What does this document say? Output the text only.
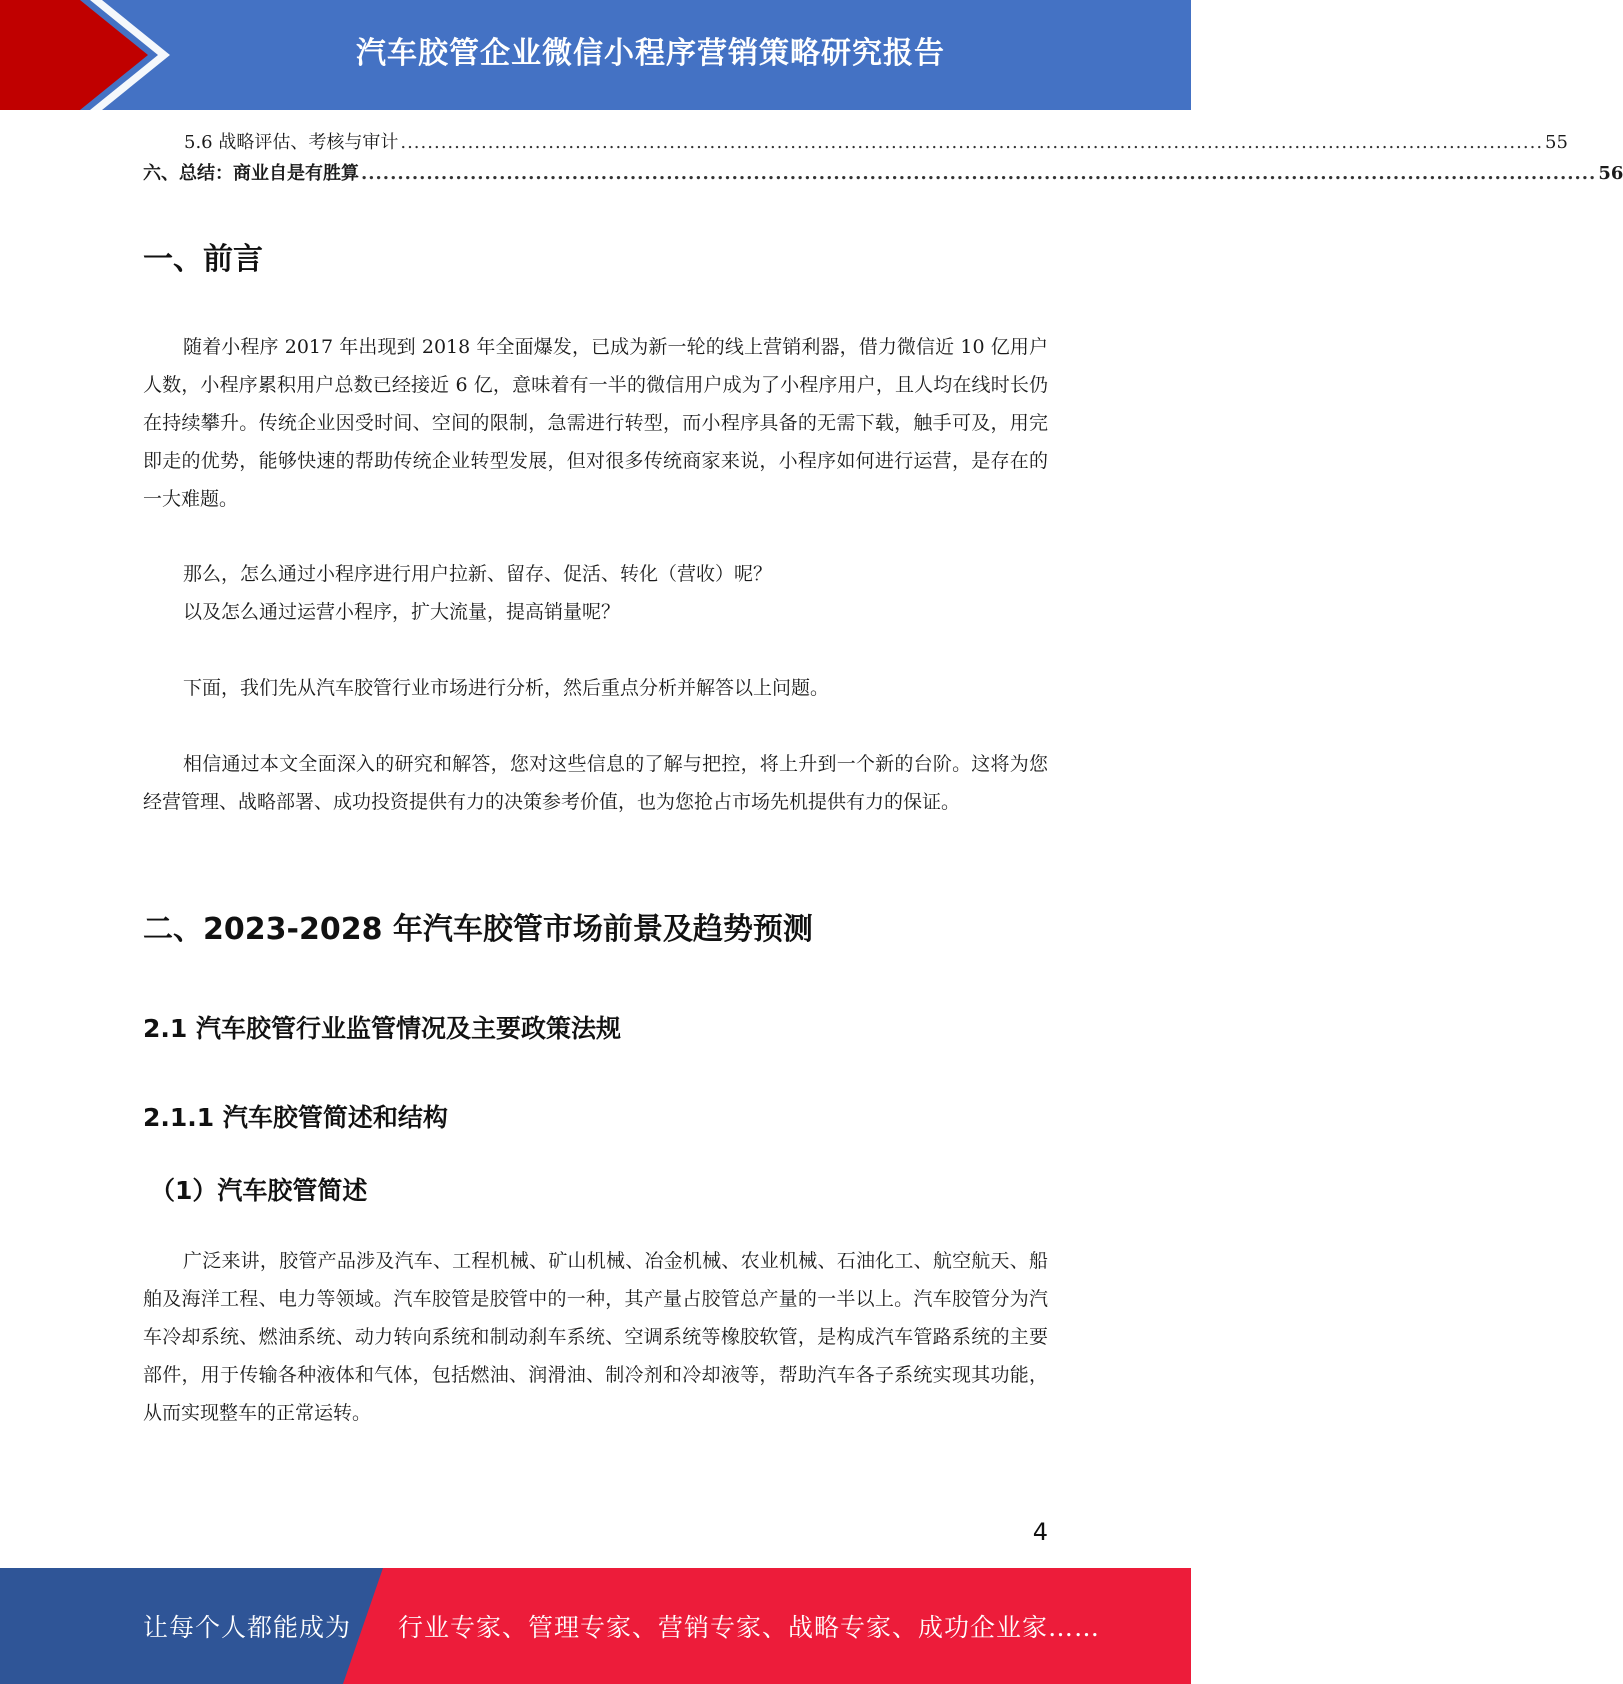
汽车胶管企业微信小程序营销策略研究报告
5.6 战略评估、考核与审计 .......................................................................................................................................................................... 55
六、总结：商业自是有胜算 .......................................................................................................................................................................... 56
一、前言

随着小程序 2017 年出现到 2018 年全面爆发，已成为新一轮的线上营销利器，借力微信近 10 亿用户人数，小程序累积用户总数已经接近 6 亿，意味着有一半的微信用户成为了小程序用户，且人均在线时长仍在持续攀升。传统企业因受时间、空间的限制，急需进行转型，而小程序具备的无需下载，触手可及，用完即走的优势，能够快速的帮助传统企业转型发展，但对很多传统商家来说，小程序如何进行运营，是存在的一大难题。

那么，怎么通过小程序进行用户拉新、留存、促活、转化（营收）呢？

以及怎么通过运营小程序，扩大流量，提高销量呢？

下面，我们先从汽车胶管行业市场进行分析，然后重点分析并解答以上问题。

相信通过本文全面深入的研究和解答，您对这些信息的了解与把控，将上升到一个新的台阶。这将为您经营管理、战略部署、成功投资提供有力的决策参考价值，也为您抢占市场先机提供有力的保证。

二、2023-2028 年汽车胶管市场前景及趋势预测
2.1 汽车胶管行业监管情况及主要政策法规
2.1.1 汽车胶管简述和结构
（1）汽车胶管简述

广泛来讲，胶管产品涉及汽车、工程机械、矿山机械、冶金机械、农业机械、石油化工、航空航天、船舶及海洋工程、电力等领域。汽车胶管是胶管中的一种，其产量占胶管总产量的一半以上。汽车胶管分为汽车冷却系统、燃油系统、动力转向系统和制动刹车系统、空调系统等橡胶软管，是构成汽车管路系统的主要部件，用于传输各种液体和气体，包括燃油、润滑油、制冷剂和冷却液等，帮助汽车各子系统实现其功能，从而实现整车的正常运转。

4
让每个人都能成为 行业专家、管理专家、营销专家、战略专家、成功企业家……
